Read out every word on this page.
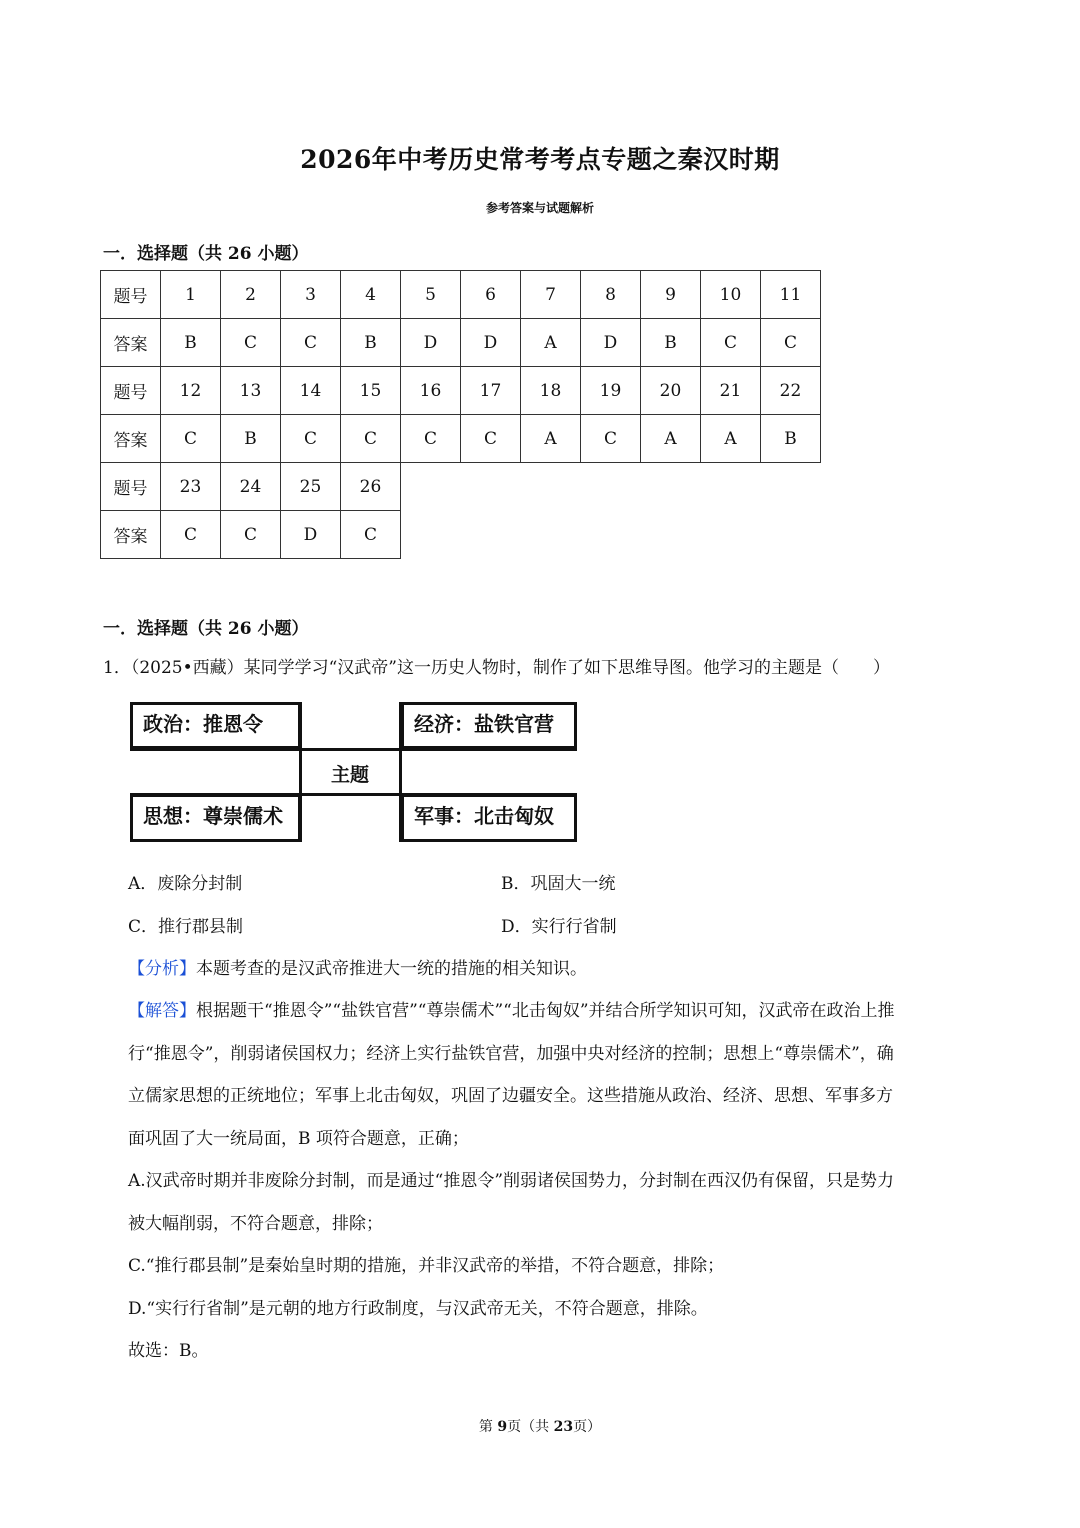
2026年中考历史常考考点专题之秦汉时期
参考答案与试题解析
一．选择题（共 26 小题）
题号	1	2	3	4	5	6	7	8	9	10	11
答案	B	C	C	B	D	D	A	D	B	C	C
题号	12	13	14	15	16	17	18	19	20	21	22
答案	C	B	C	C	C	C	A	C	A	A	B
题号	23	24	25	26							
答案	C	C	D	C							
一．选择题（共 26 小题）
1．（2025•西藏）某同学学习“汉武帝”这一历史人物时，制作了如下思维导图。他学习的主题是（　　）
政治：推恩令	经济：盐铁官营
思想：尊崇儒术	军事：北击匈奴
主题
A．废除分封制	B．巩固大一统
C．推行郡县制	D．实行行省制
【分析】本题考查的是汉武帝推进大一统的措施的相关知识。
【解答】根据题干“推恩令”“盐铁官营”“尊崇儒术”“北击匈奴”并结合所学知识可知，汉武帝在政治上推
行“推恩令”，削弱诸侯国权力；经济上实行盐铁官营，加强中央对经济的控制；思想上“尊崇儒术”，确
立儒家思想的正统地位；军事上北击匈奴，巩固了边疆安全。这些措施从政治、经济、思想、军事多方
面巩固了大一统局面，B 项符合题意，正确；
A.汉武帝时期并非废除分封制，而是通过“推恩令”削弱诸侯国势力，分封制在西汉仍有保留，只是势力
被大幅削弱，不符合题意，排除；
C.“推行郡县制”是秦始皇时期的措施，并非汉武帝的举措，不符合题意，排除；
D.“实行行省制”是元朝的地方行政制度，与汉武帝无关，不符合题意，排除。
故选：B。
第 9页（共 23页）
